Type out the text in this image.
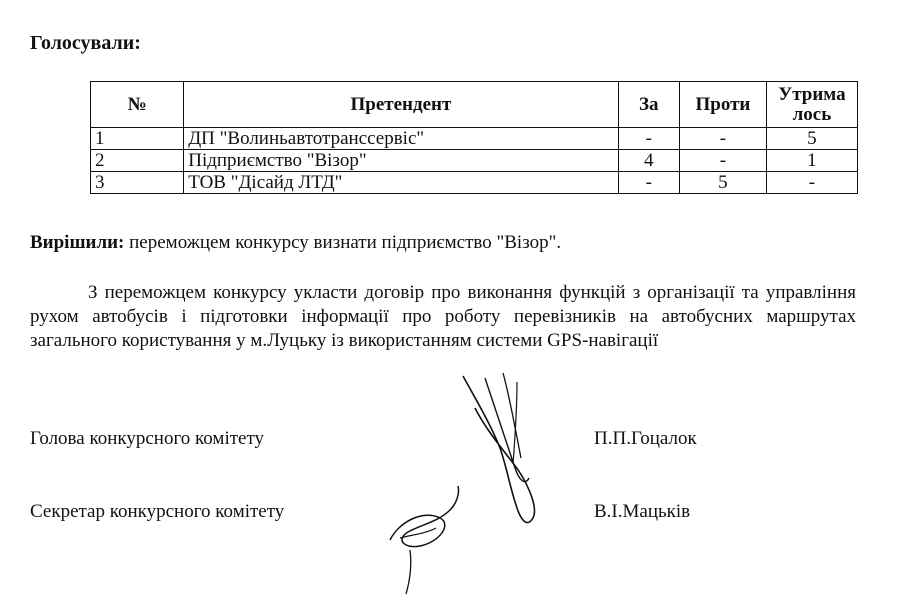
Голосували:
№	Претендент	За	Проти	Утрима
лось

1	ДП "Волиньавтотранссервіс"	-	-	5
2	Підприємство "Візор"	4	-	1
3	ТОВ "Дісайд ЛТД"	-	5	-
Вирішили: переможцем конкурсу визнати підприємство "Візор".
З переможцем конкурсу укласти договір про виконання функцій з організації та управління рухом автобусів і підготовки інформації про роботу перевізників на автобусних маршрутах загального користування у м.Луцьку із використанням системи GPS-навігації
Голова конкурсного комітету	П.П.Гоцалок
Секретар конкурсного комітету	В.І.Мацьків
